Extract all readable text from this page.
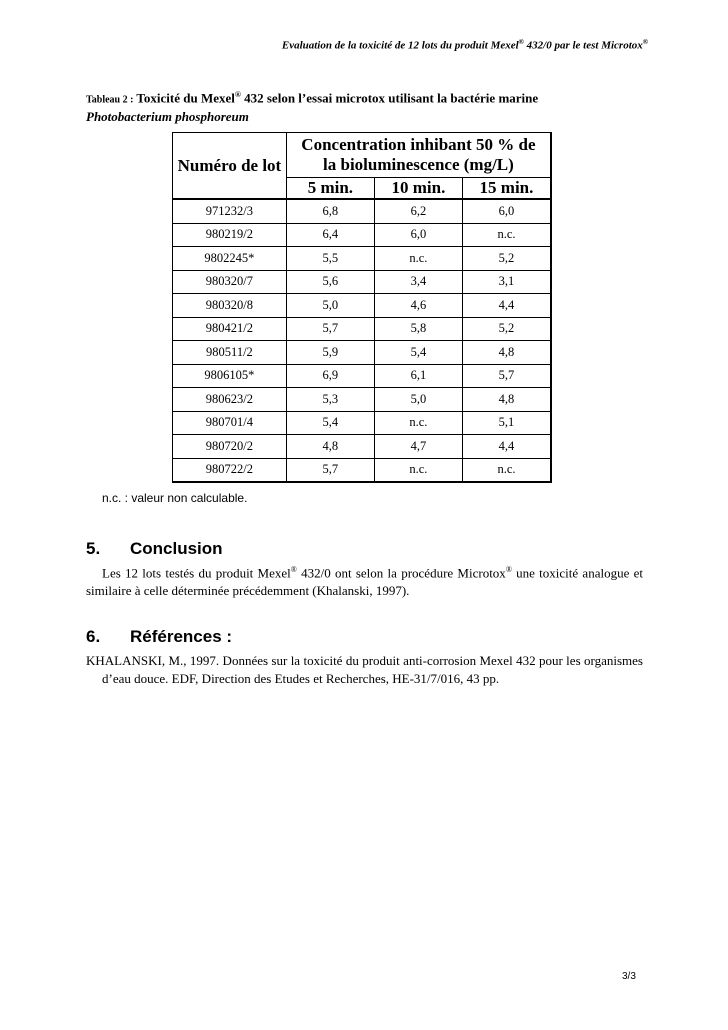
Evaluation de la toxicité de 12 lots du produit Mexel® 432/0 par le test Microtox®
Tableau 2 : Toxicité du Mexel® 432 selon l’essai microtox utilisant la bactérie marine
Photobacterium phosphoreum
Numéro de lot	Concentration inhibant 50 % de la bioluminescence (mg/L)		
	5 min.	10 min.	15 min.
971232/3	6,8	6,2	6,0
980219/2	6,4	6,0	n.c.
9802245*	5,5	n.c.	5,2
980320/7	5,6	3,4	3,1
980320/8	5,0	4,6	4,4
980421/2	5,7	5,8	5,2
980511/2	5,9	5,4	4,8
9806105*	6,9	6,1	5,7
980623/2	5,3	5,0	4,8
980701/4	5,4	n.c.	5,1
980720/2	4,8	4,7	4,4
980722/2	5,7	n.c.	n.c.
n.c. : valeur non calculable.
5. Conclusion
Les 12 lots testés du produit Mexel® 432/0 ont selon la procédure Microtox® une toxicité analogue et similaire à celle déterminée précédemment (Khalanski, 1997).
6. Références :
KHALANSKI, M., 1997. Données sur la toxicité du produit anti-corrosion Mexel 432 pour les organismes d’eau douce. EDF, Direction des Etudes et Recherches, HE-31/7/016, 43 pp.
3/3
